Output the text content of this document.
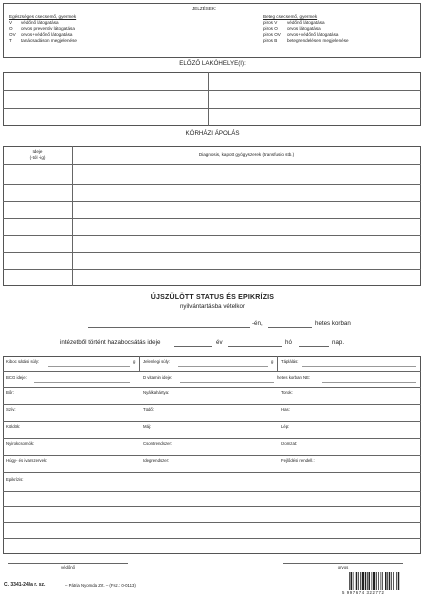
JELZÉSEK:
Egészséges csecsemő, gyermek
V védőnő látogatása
O orvos preventív látogatása
OV orvos+védőnő látogatása
T tanácsadáson megjelenése
Beteg csecsemő, gyermek
piros V védőnő látogatása
piros O orvos látogatása
piros OV orvos+védőnő látogatása
piros B betegrendelésen megjelenése
ELŐZŐ LAKÓHELYE(I):
KÓRHÁZI ÁPOLÁS
Ideje
(-tól -ig)
Diagnosis, kapott gyógyszerek (transfusio stb.)
ÚJSZÜLÖTT STATUS ÉS EPIKRÍZIS
nyilvántartásba vételkor
-én,	hetes korban
intézetből történt hazabocsátás ideje	év	hó	nap.
Kiboc sátási súly:	g Jelenlegi súly:	g Táplálás:
BCG ideje:	D vitamin ideje:	hetes korban NE:
Bőr:	Nyálkahártya:	Torok:
Szív:	Tüdő:	Has:
Köldök:	Máj:	Lép:
Nyirokcsomók:	Csontrendszer:	Izomzat:
Húgy- és ivarszervek:	Idegrendszer:	Fejlődési rendell.:
Epikrízis:
védőnő	orvos
C. 3341-24/a r. sz.	– Pátria Nyomda Zrt. – (Fsz.: 0-0113)
5 997674 322772
